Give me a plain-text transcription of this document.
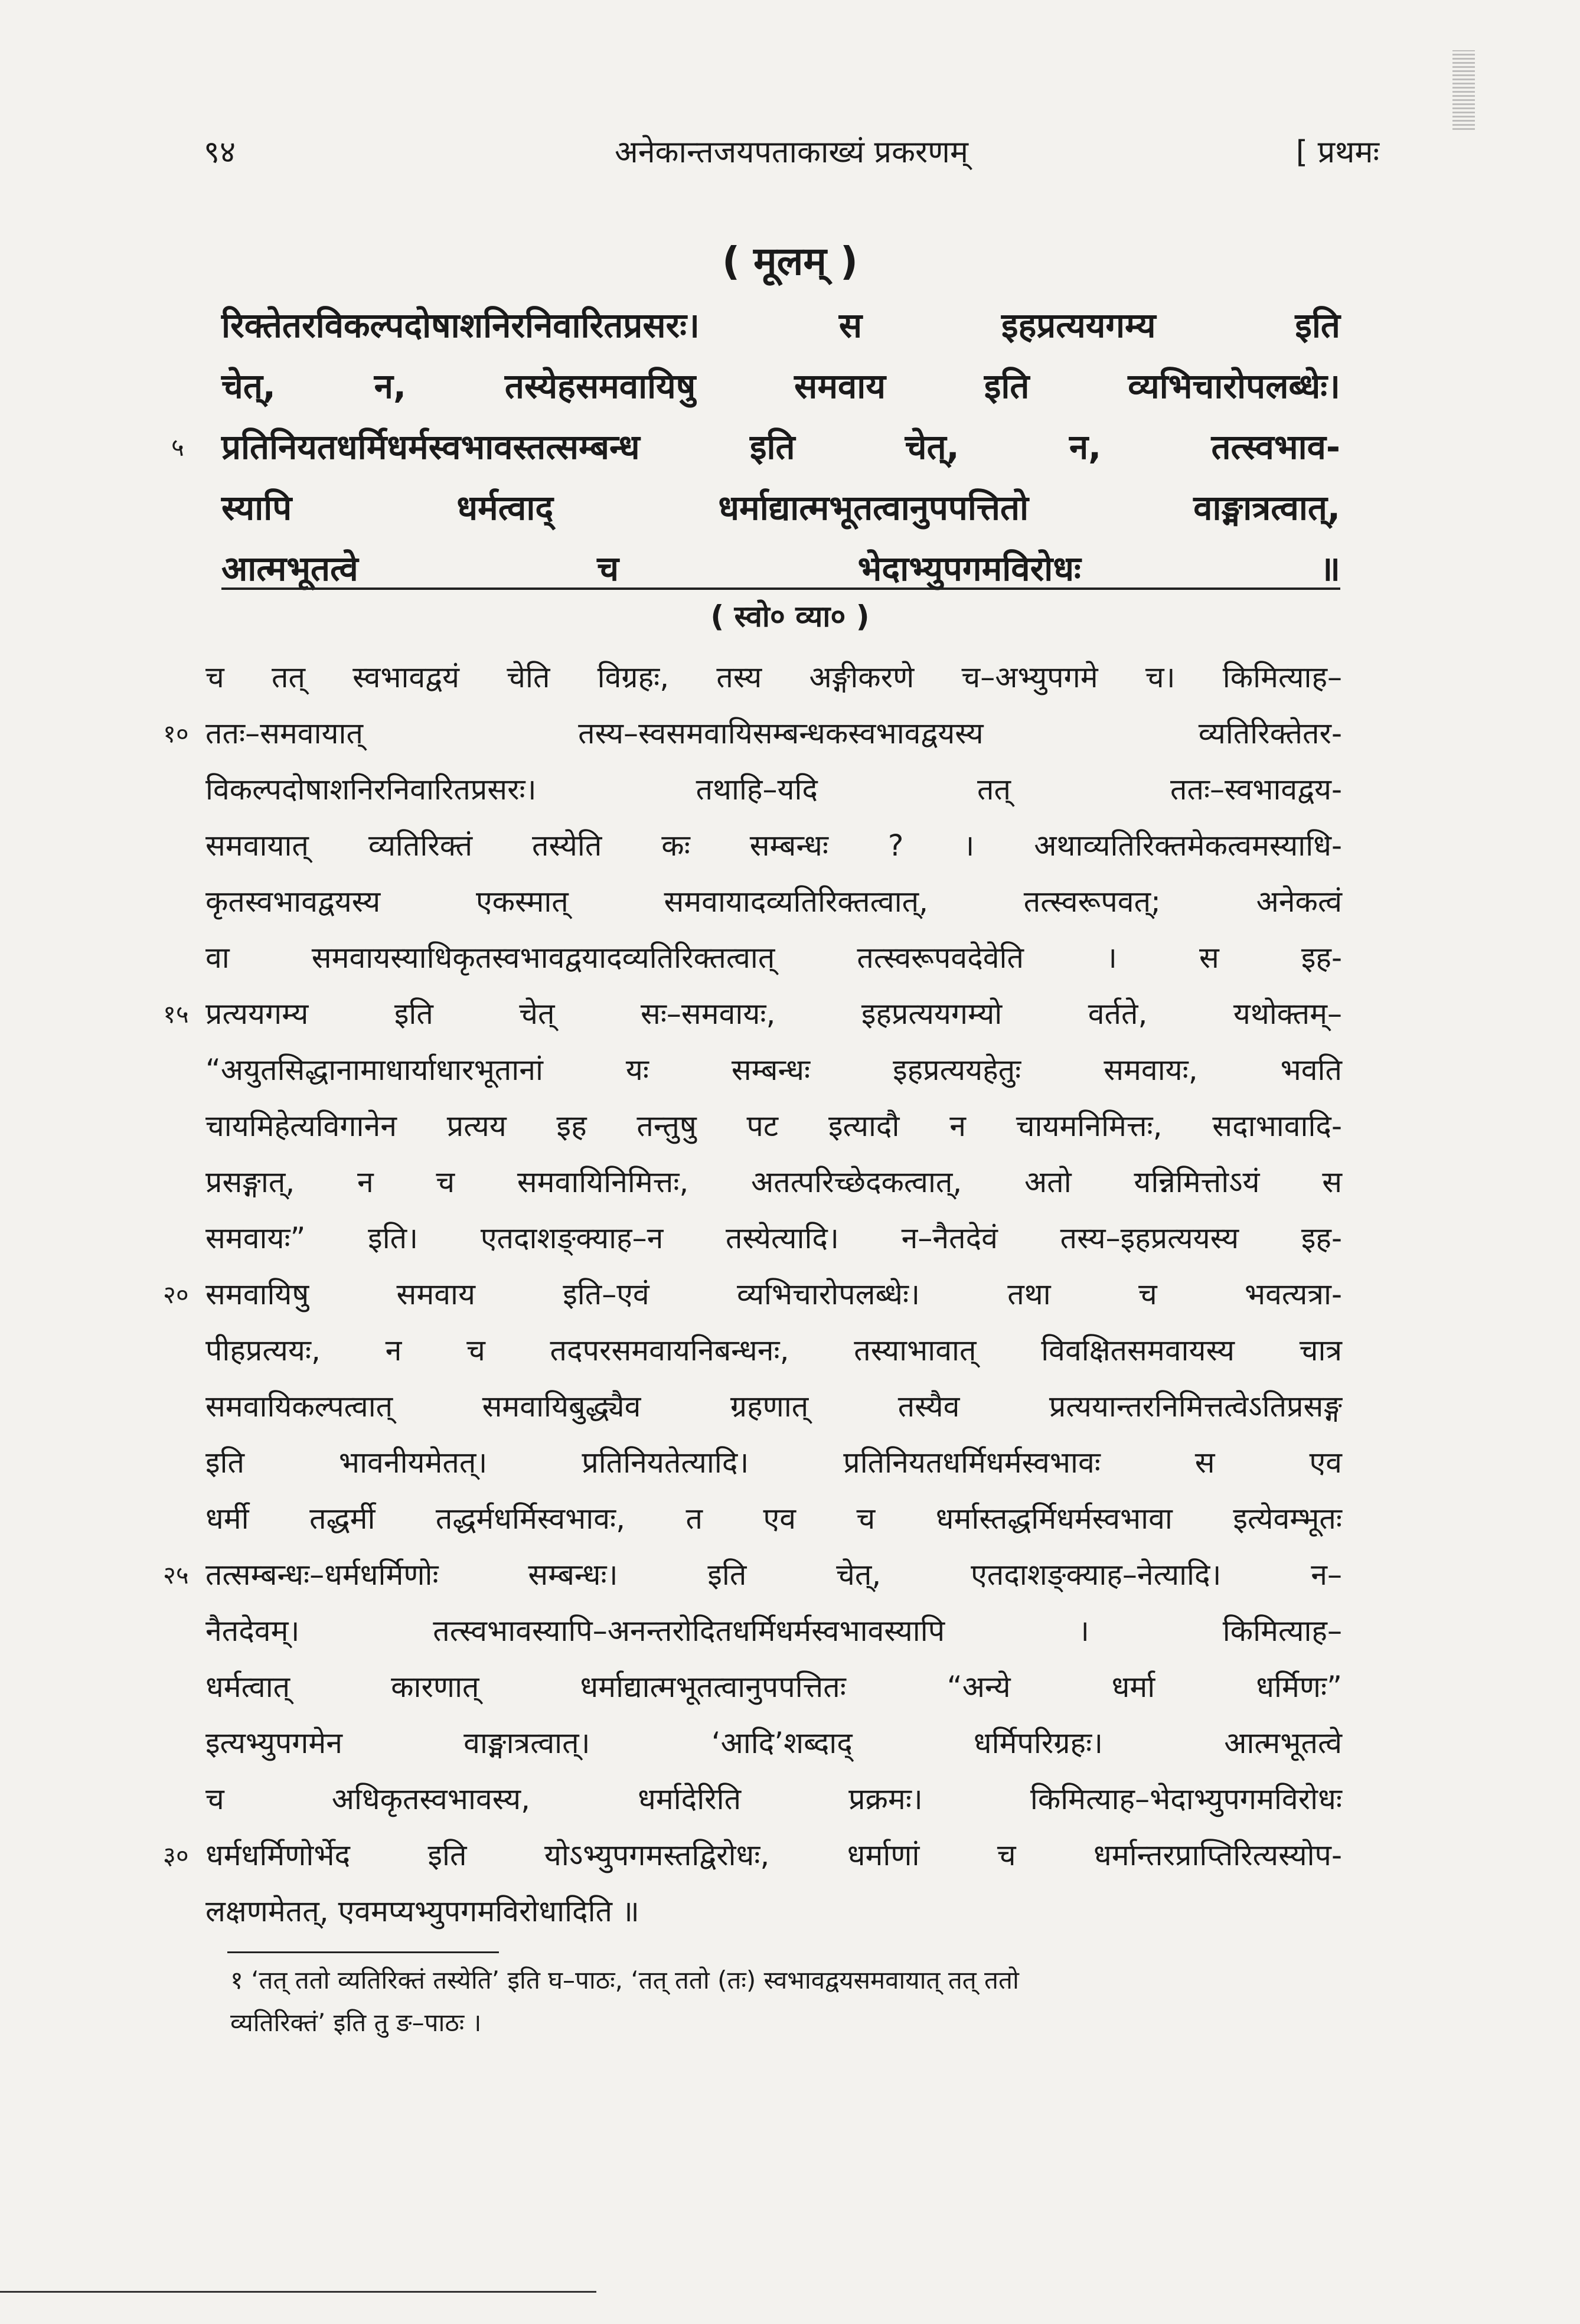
९४	अनेकान्तजयपताकाख्यं प्रकरणम्	[ प्रथमः
( मूलम् )
रिक्तेतरविकल्पदोषाशनिरनिवारितप्रसरः। स इहप्रत्ययगम्य इति
चेत्, न, तस्येहसमवायिषु समवाय इति व्यभिचारोपलब्धेः।
५ प्रतिनियतधर्मिधर्मस्वभावस्तत्सम्बन्ध इति चेत्, न, तत्स्वभाव-
स्यापि धर्मत्वाद् धर्माद्यात्मभूतत्वानुपपत्तितो वाङ्मात्रत्वात्,
आत्मभूतत्वे च भेदाभ्युपगमविरोधः ॥
( स्वो० व्या० )
च तत् स्वभावद्वयं चेति विग्रहः, तस्य अङ्गीकरणे च–अभ्युपगमे च। किमित्याह–
१० ततः–समवायात् तस्य–स्वसमवायिसम्बन्धकस्वभावद्वयस्य व्यतिरिक्तेतर-
विकल्पदोषाशनिरनिवारितप्रसरः। तथाहि–यदि तत् ततः–स्वभावद्वय-
समवायात् व्यतिरिक्तं तस्येति कः सम्बन्धः ? । अथाव्यतिरिक्तमेकत्वमस्याधि-
कृतस्वभावद्वयस्य एकस्मात् समवायादव्यतिरिक्तत्वात्, तत्स्वरूपवत्; अनेकत्वं
वा समवायस्याधिकृतस्वभावद्वयादव्यतिरिक्तत्वात् तत्स्वरूपवदेवेति । स इह-
१५ प्रत्ययगम्य इति चेत् सः–समवायः, इहप्रत्ययगम्यो वर्तते, यथोक्तम्–
“अयुतसिद्धानामाधार्याधारभूतानां यः सम्बन्धः इहप्रत्ययहेतुः समवायः, भवति
चायमिहेत्यविगानेन प्रत्यय इह तन्तुषु पट इत्यादौ न चायमनिमित्तः, सदाभावादि-
प्रसङ्गात्, न च समवायिनिमित्तः, अतत्परिच्छेदकत्वात्, अतो यन्निमित्तोऽयं स
समवायः” इति। एतदाशङ्क्याह–न तस्येत्यादि। न–नैतदेवं तस्य–इहप्रत्ययस्य इह-
२० समवायिषु समवाय इति–एवं व्यभिचारोपलब्धेः। तथा च भवत्यत्रा-
पीहप्रत्ययः, न च तदपरसमवायनिबन्धनः, तस्याभावात् विवक्षितसमवायस्य चात्र
समवायिकल्पत्वात् समवायिबुद्ध्यैव ग्रहणात् तस्यैव प्रत्ययान्तरनिमित्तत्वेऽतिप्रसङ्ग
इति भावनीयमेतत्। प्रतिनियतेत्यादि। प्रतिनियतधर्मिधर्मस्वभावः स एव
धर्मी तद्धर्मी तद्धर्मधर्मिस्वभावः, त एव च धर्मास्तद्धर्मिधर्मस्वभावा इत्येवम्भूतः
२५ तत्सम्बन्धः–धर्मधर्मिणोः सम्बन्धः। इति चेत्, एतदाशङ्क्याह–नेत्यादि। न–
नैतदेवम्। तत्स्वभावस्यापि–अनन्तरोदितधर्मिधर्मस्वभावस्यापि । किमित्याह–
धर्मत्वात् कारणात् धर्माद्यात्मभूतत्वानुपपत्तितः “अन्ये धर्मा धर्मिणः”
इत्यभ्युपगमेन वाङ्मात्रत्वात्। ‘आदि’शब्दाद् धर्मिपरिग्रहः। आत्मभूतत्वे
च अधिकृतस्वभावस्य, धर्मादेरिति प्रक्रमः। किमित्याह–भेदाभ्युपगमविरोधः
३० धर्मधर्मिणोर्भेद इति योऽभ्युपगमस्तद्विरोधः, धर्माणां च धर्मान्तरप्राप्तिरित्यस्योप-
लक्षणमेतत्, एवमप्यभ्युपगमविरोधादिति ॥
१ ‘तत् ततो व्यतिरिक्तं तस्येति’ इति घ–पाठः, ‘तत् ततो (तः) स्वभावद्वयसमवायात् तत् ततो
व्यतिरिक्तं’ इति तु ङ–पाठः ।
